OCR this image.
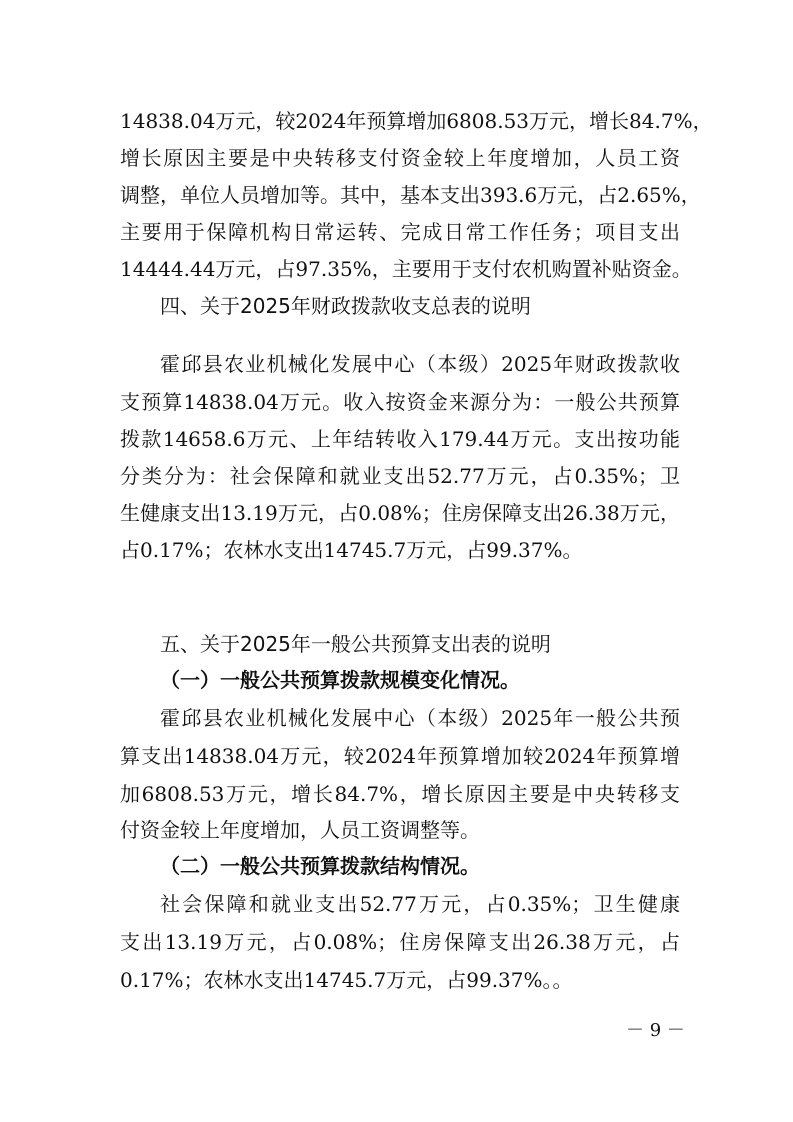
14838.04万元，较2024年预算增加6808.53万元，增长84.7%，
增长原因主要是中央转移支付资金较上年度增加，人员工资
调整，单位人员增加等。其中，基本支出393.6万元，占2.65%，
主要用于保障机构日常运转、完成日常工作任务；项目支出
14444.44万元，占97.35%，主要用于支付农机购置补贴资金。
四、关于2025年财政拨款收支总表的说明
霍邱县农业机械化发展中心（本级）2025年财政拨款收
支预算14838.04万元。收入按资金来源分为：一般公共预算
拨款14658.6万元、上年结转收入179.44万元。支出按功能
分类分为：社会保障和就业支出52.77万元，占0.35%；卫
生健康支出13.19万元，占0.08%；住房保障支出26.38万元，
占0.17%；农林水支出14745.7万元，占99.37%。
五、关于2025年一般公共预算支出表的说明
（一）一般公共预算拨款规模变化情况。
霍邱县农业机械化发展中心（本级）2025年一般公共预
算支出14838.04万元，较2024年预算增加较2024年预算增
加6808.53万元，增长84.7%，增长原因主要是中央转移支
付资金较上年度增加，人员工资调整等。
（二）一般公共预算拨款结构情况。
社会保障和就业支出52.77万元，占0.35%；卫生健康
支出13.19万元，占0.08%；住房保障支出26.38万元，占
0.17%；农林水支出14745.7万元，占99.37%。。
－ 9 －
